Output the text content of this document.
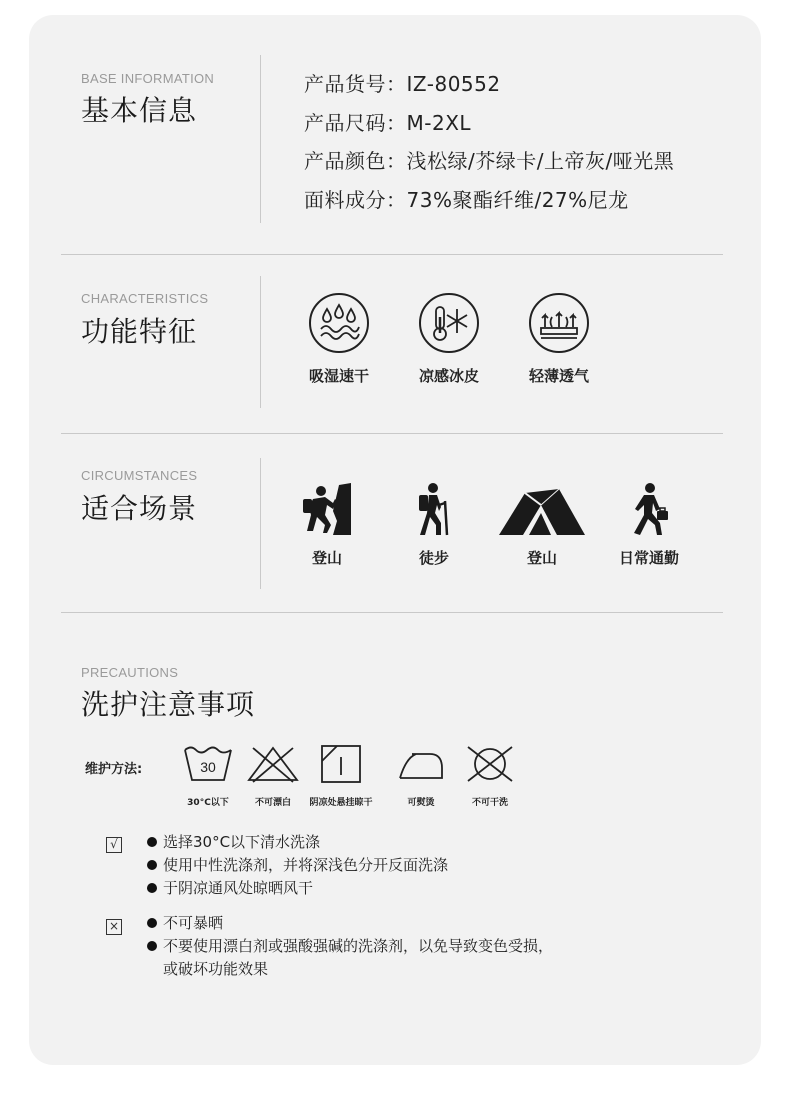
BASE INFORMATION
基本信息
产品货号：IZ-80552
产品尺码：M-2XL
产品颜色：浅松绿/芥绿卡/上帝灰/哑光黑
面料成分：73%聚酯纤维/27%尼龙
CHARACTERISTICS
功能特征
吸湿速干	凉感冰皮	轻薄透气
CIRCUMSTANCES
适合场景
登山	徒步	登山	日常通勤
PRECAUTIONS
洗护注意事项
维护方法:	30
30°C以下	不可漂白	阴凉处悬挂晾干	可熨烫	不可干洗
√	选择30°C以下清水洗涤
使用中性洗涤剂，并将深浅色分开反面洗涤
于阴凉通风处晾晒风干
×	不可暴晒
不要使用漂白剂或强酸强碱的洗涤剂，以免导致变色受损，
或破坏功能效果
